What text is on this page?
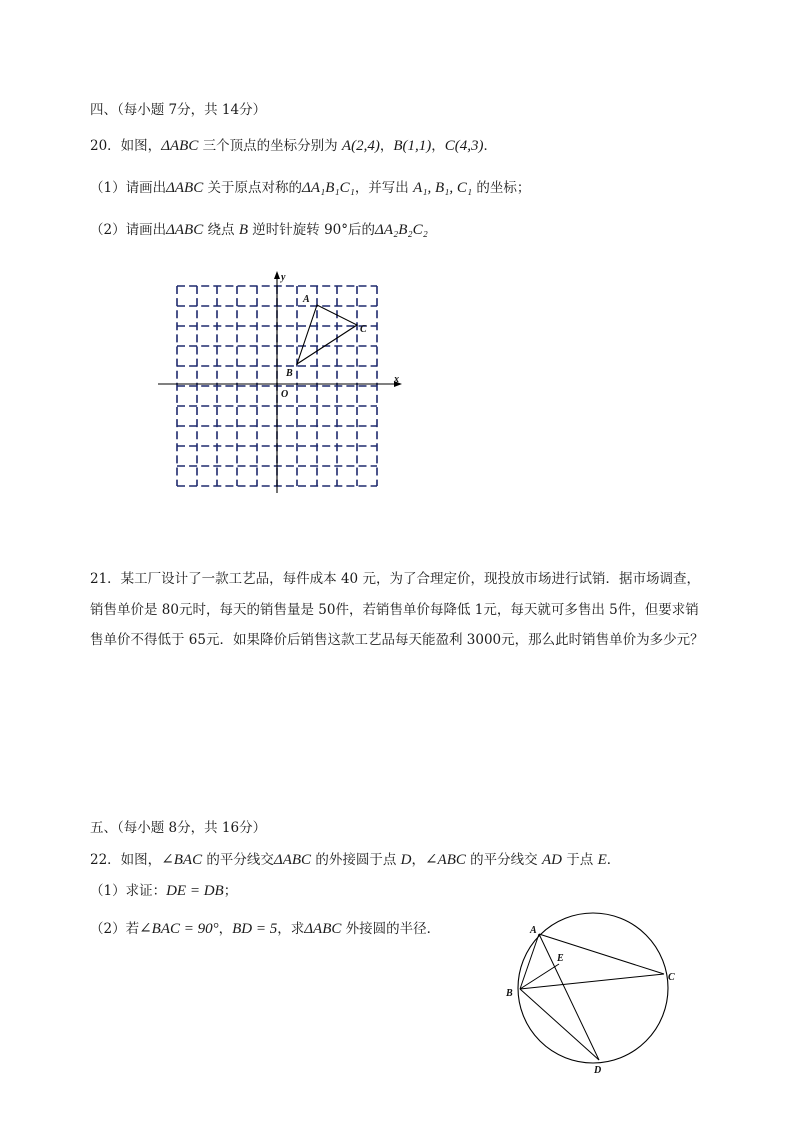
四、（每小题 7分，共 14分）
20．如图，ΔABC 三个顶点的坐标分别为 A(2,4)，B(1,1)，C(4,3)．
（1）请画出ΔABC 关于原点对称的ΔA₁B₁C₁，并写出 A₁, B₁, C₁ 的坐标；
（2）请画出ΔABC 绕点 B 逆时针旋转 90°后的ΔA₂B₂C₂
x
y
O
A
B
C
21．某工厂设计了一款工艺品，每件成本 40 元，为了合理定价，现投放市场进行试销．据市场调查，销售单价是 80元时，每天的销售量是 50件，若销售单价每降低 1元，每天就可多售出 5件，但要求销售单价不得低于 65元．如果降价后销售这款工艺品每天能盈利 3000元，那么此时销售单价为多少元？
五、（每小题 8分，共 16分）
22．如图，∠BAC 的平分线交ΔABC 的外接圆于点 D，∠ABC 的平分线交 AD 于点 E．
（1）求证：DE = DB；
（2）若∠BAC = 90°，BD = 5，求ΔABC 外接圆的半径．	A
B
C
D
E
